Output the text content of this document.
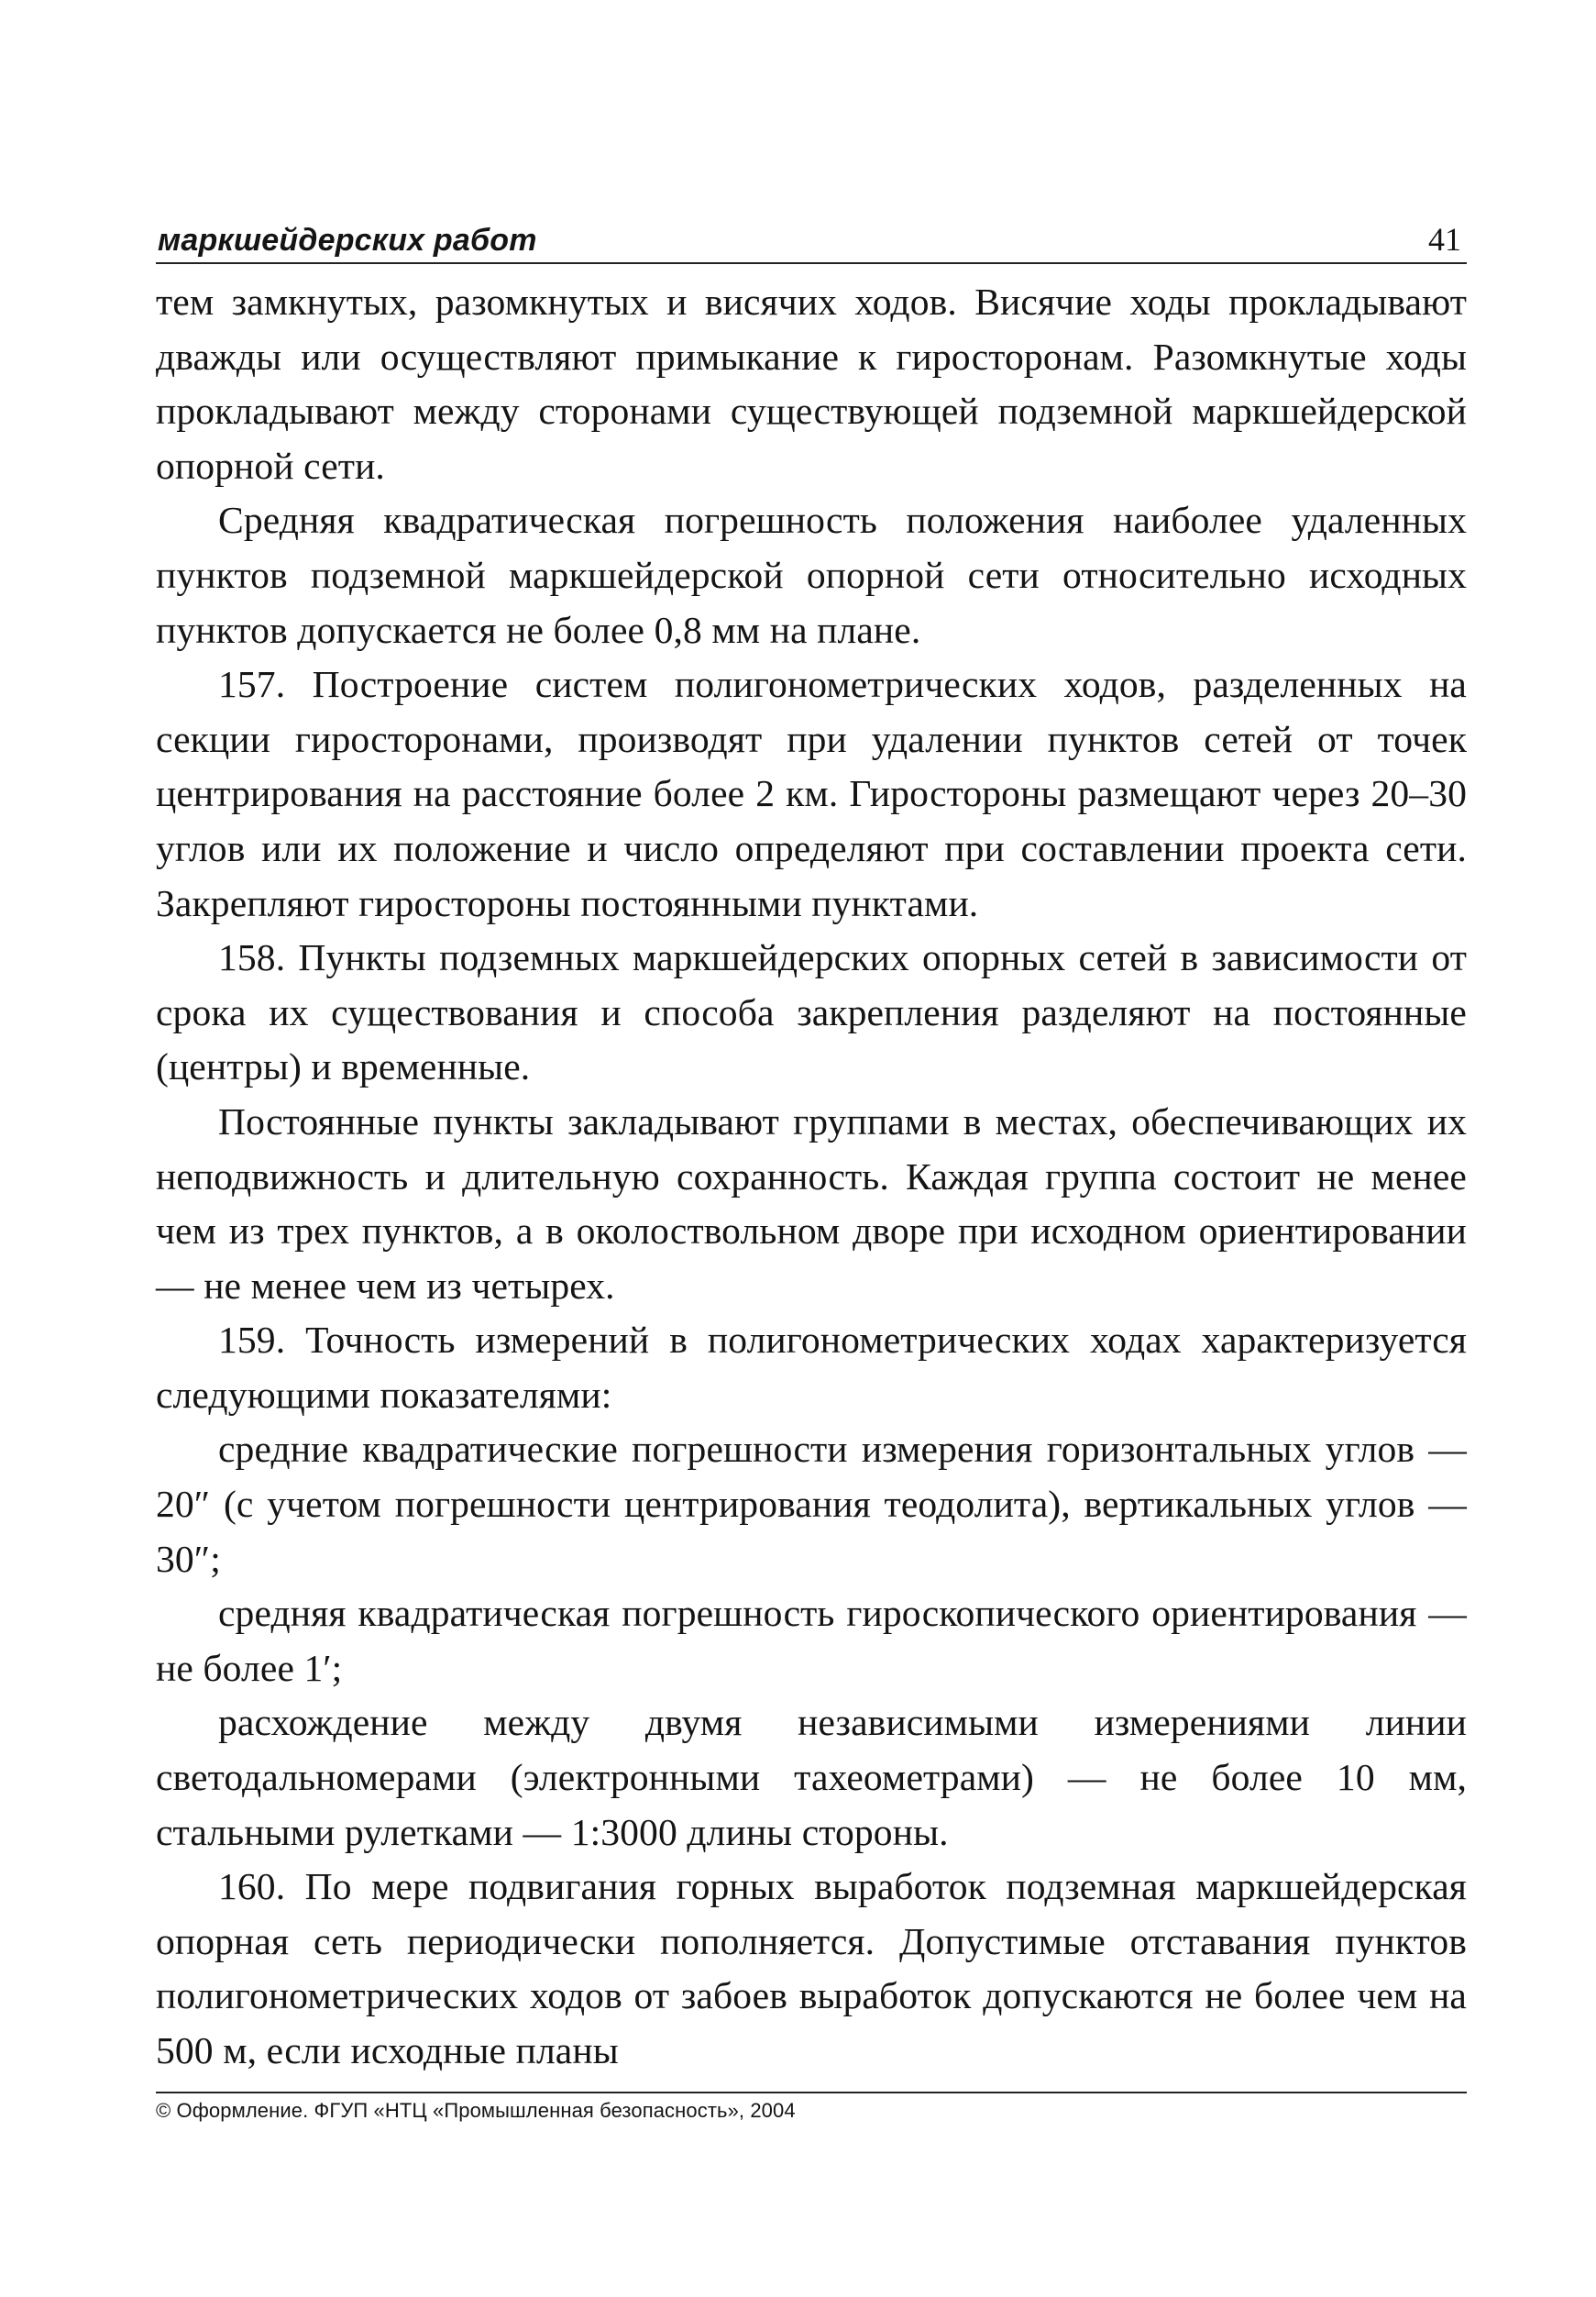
маркшейдерских работ	41

тем замкнутых, разомкнутых и висячих ходов. Висячие ходы прокладывают дважды или осуществляют примыкание к гиросторонам. Разомкнутые ходы прокладывают между сторонами существующей подземной маркшейдерской опорной сети.

Средняя квадратическая погрешность положения наиболее удаленных пунктов подземной маркшейдерской опорной сети относительно исходных пунктов допускается не более 0,8 мм на плане.

157. Построение систем полигонометрических ходов, разделенных на секции гиросторонами, производят при удалении пунктов сетей от точек центрирования на расстояние более 2 км. Гиростороны размещают через 20–30 углов или их положение и число определяют при составлении проекта сети. Закрепляют гиростороны постоянными пунктами.

158. Пункты подземных маркшейдерских опорных сетей в зависимости от срока их существования и способа закрепления разделяют на постоянные (центры) и временные.

Постоянные пункты закладывают группами в местах, обеспечивающих их неподвижность и длительную сохранность. Каждая группа состоит не менее чем из трех пунктов, а в околоствольном дворе при исходном ориентировании — не менее чем из четырех.

159. Точность измерений в полигонометрических ходах характеризуется следующими показателями:

средние квадратические погрешности измерения горизонтальных углов — 20″ (с учетом погрешности центрирования теодолита), вертикальных углов — 30″;

средняя квадратическая погрешность гироскопического ориентирования — не более 1′;

расхождение между двумя независимыми измерениями линии светодальномерами (электронными тахеометрами) — не более 10 мм, стальными рулетками — 1:3000 длины стороны.

160. По мере подвигания горных выработок подземная маркшейдерская опорная сеть периодически пополняется. Допустимые отставания пунктов полигонометрических ходов от забоев выработок допускаются не более чем на 500 м, если исходные планы

© Оформление. ФГУП «НТЦ «Промышленная безопасность», 2004
